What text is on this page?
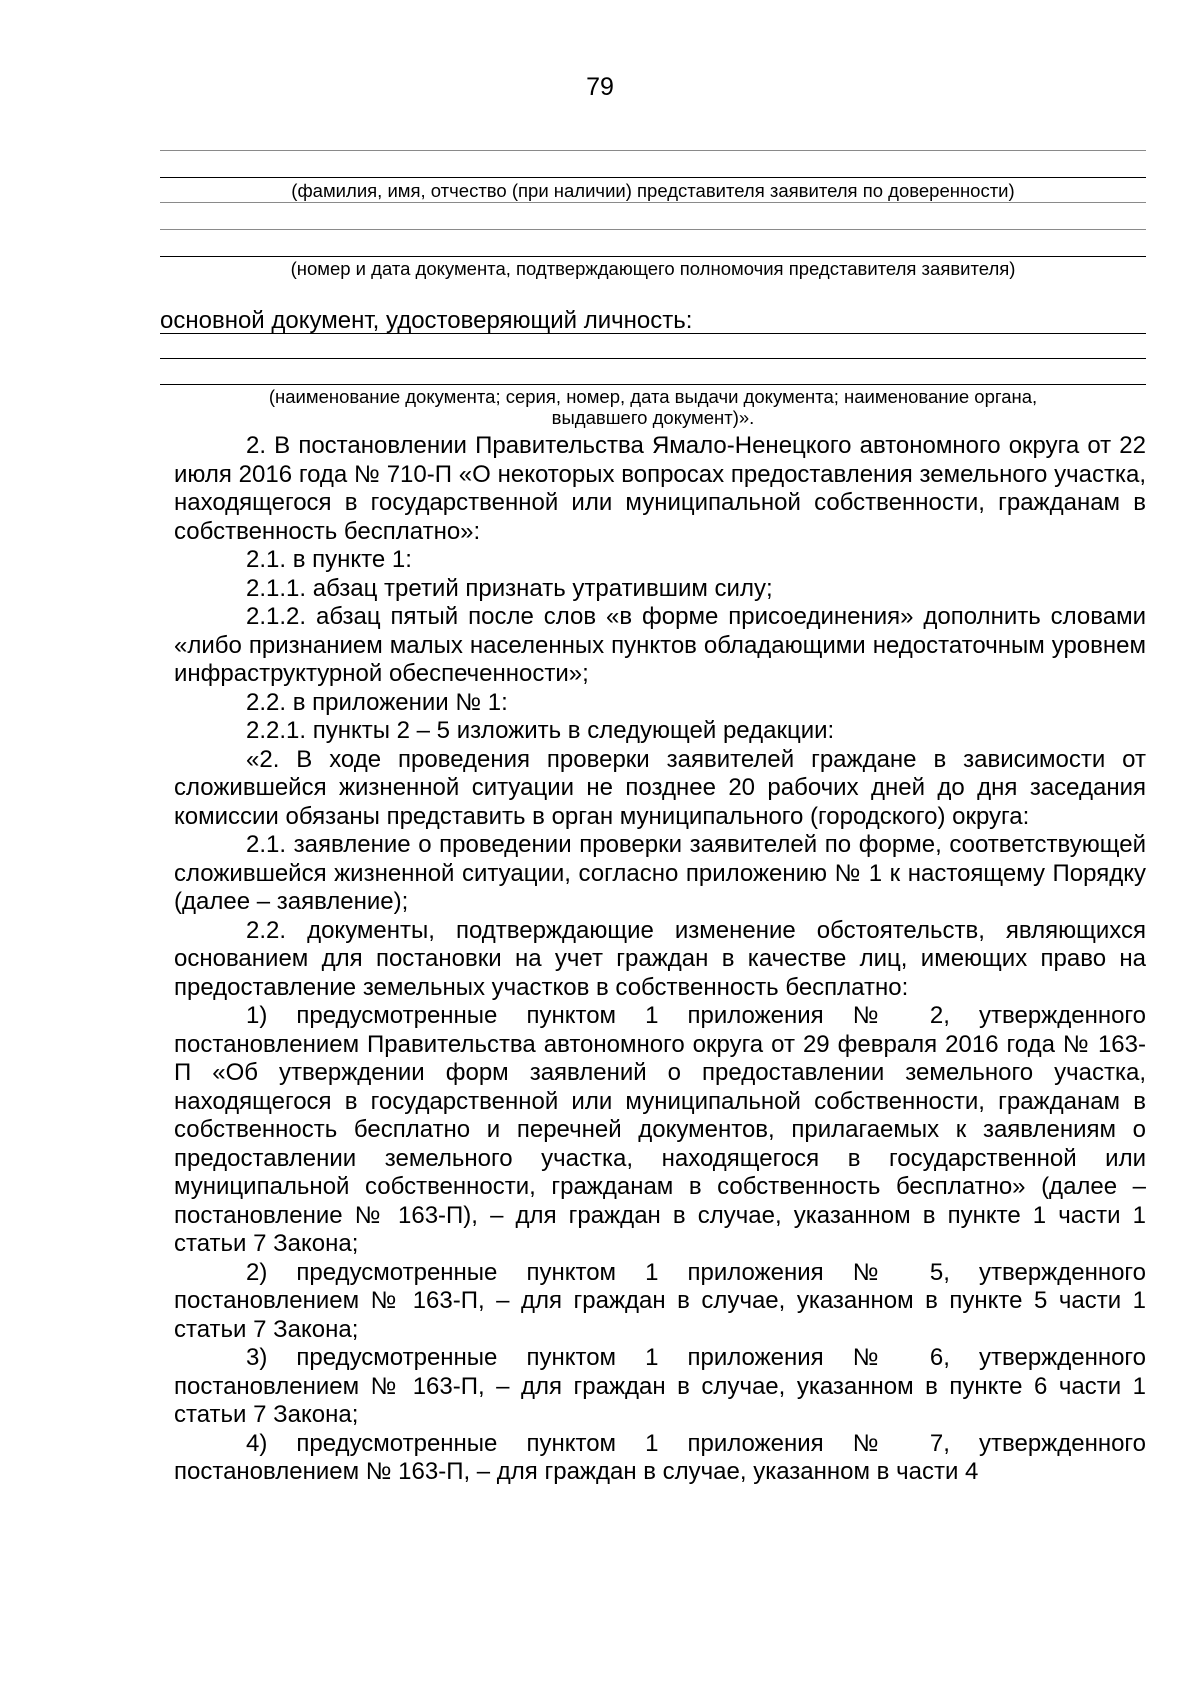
79
(фамилия, имя, отчество (при наличии) представителя заявителя по доверенности)
(номер и дата документа, подтверждающего полномочия представителя заявителя)
основной документ, удостоверяющий личность:
(наименование документа; серия, номер, дата выдачи документа; наименование органа,
выдавшего документ)».

2. В постановлении Правительства Ямало-Ненецкого автономного округа от 22 июля 2016 года № 710-П «О некоторых вопросах предоставления земельного участка, находящегося в государственной или муниципальной собственности, гражданам в собственность бесплатно»:

2.1. в пункте 1:

2.1.1. абзац третий признать утратившим силу;

2.1.2. абзац пятый после слов «в форме присоединения» дополнить словами «либо признанием малых населенных пунктов обладающими недостаточным уровнем инфраструктурной обеспеченности»;

2.2. в приложении № 1:

2.2.1. пункты 2 – 5 изложить в следующей редакции:

«2. В ходе проведения проверки заявителей граждане в зависимости от сложившейся жизненной ситуации не позднее 20 рабочих дней до дня заседания комиссии обязаны представить в орган муниципального (городского) округа:

2.1. заявление о проведении проверки заявителей по форме, соответствующей сложившейся жизненной ситуации, согласно приложению № 1 к настоящему Порядку (далее – заявление);

2.2. документы, подтверждающие изменение обстоятельств, являющихся основанием для постановки на учет граждан в качестве лиц, имеющих право на предоставление земельных участков в собственность бесплатно:

1) предусмотренные пунктом 1 приложения № 2, утвержденного постановлением Правительства автономного округа от 29 февраля 2016 года № 163-П «Об утверждении форм заявлений о предоставлении земельного участка, находящегося в государственной или муниципальной собственности, гражданам в собственность бесплатно и перечней документов, прилагаемых к заявлениям о предоставлении земельного участка, находящегося в государственной или муниципальной собственности, гражданам в собственность бесплатно» (далее – постановление № 163-П), – для граждан в случае, указанном в пункте 1 части 1 статьи 7 Закона;

2) предусмотренные пунктом 1 приложения № 5, утвержденного постановлением № 163-П, – для граждан в случае, указанном в пункте 5 части 1 статьи 7 Закона;

3) предусмотренные пунктом 1 приложения № 6, утвержденного постановлением № 163-П, – для граждан в случае, указанном в пункте 6 части 1 статьи 7 Закона;

4) предусмотренные пунктом 1 приложения № 7, утвержденного постановлением № 163-П, – для граждан в случае, указанном в части 4
